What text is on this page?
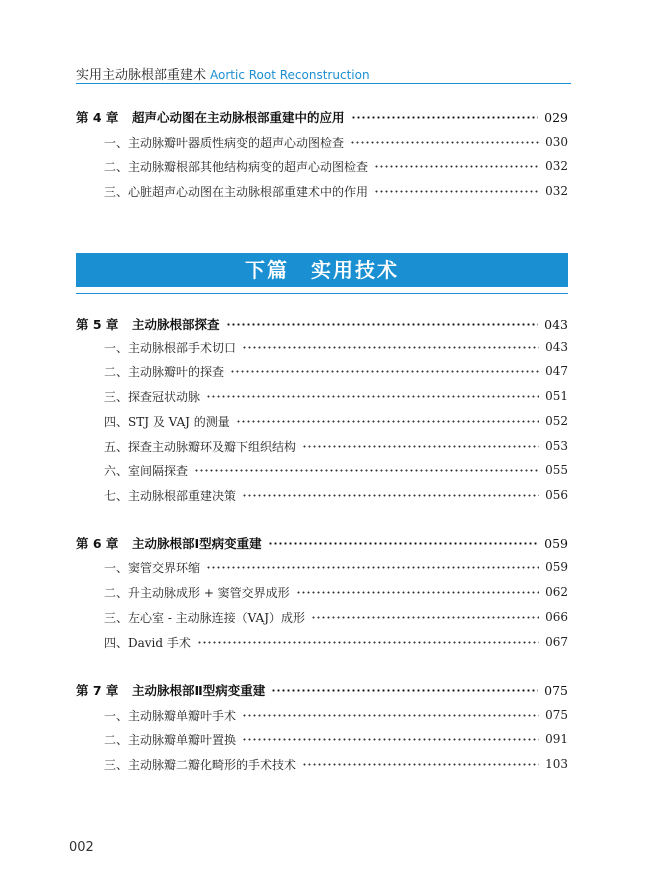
实用主动脉根部重建术 Aortic Root Reconstruction
第 4 章	超声心动图在主动脉根部重建中的应用	029
一、主动脉瓣叶器质性病变的超声心动图检查	030
二、主动脉瓣根部其他结构病变的超声心动图检查	032
三、心脏超声心动图在主动脉根部重建术中的作用	032
下篇　实用技术
第 5 章	主动脉根部探查	043
一、主动脉根部手术切口	043
二、主动脉瓣叶的探查	047
三、探查冠状动脉	051
四、STJ 及 VAJ 的测量	052
五、探查主动脉瓣环及瓣下组织结构	053
六、室间隔探查	055
七、主动脉根部重建决策	056
第 6 章	主动脉根部Ⅰ型病变重建	059
一、窦管交界环缩	059
二、升主动脉成形 + 窦管交界成形	062
三、左心室 - 主动脉连接（VAJ）成形	066
四、David 手术	067
第 7 章	主动脉根部Ⅱ型病变重建	075
一、主动脉瓣单瓣叶手术	075
二、主动脉瓣单瓣叶置换	091
三、主动脉瓣二瓣化畸形的手术技术	103
002
